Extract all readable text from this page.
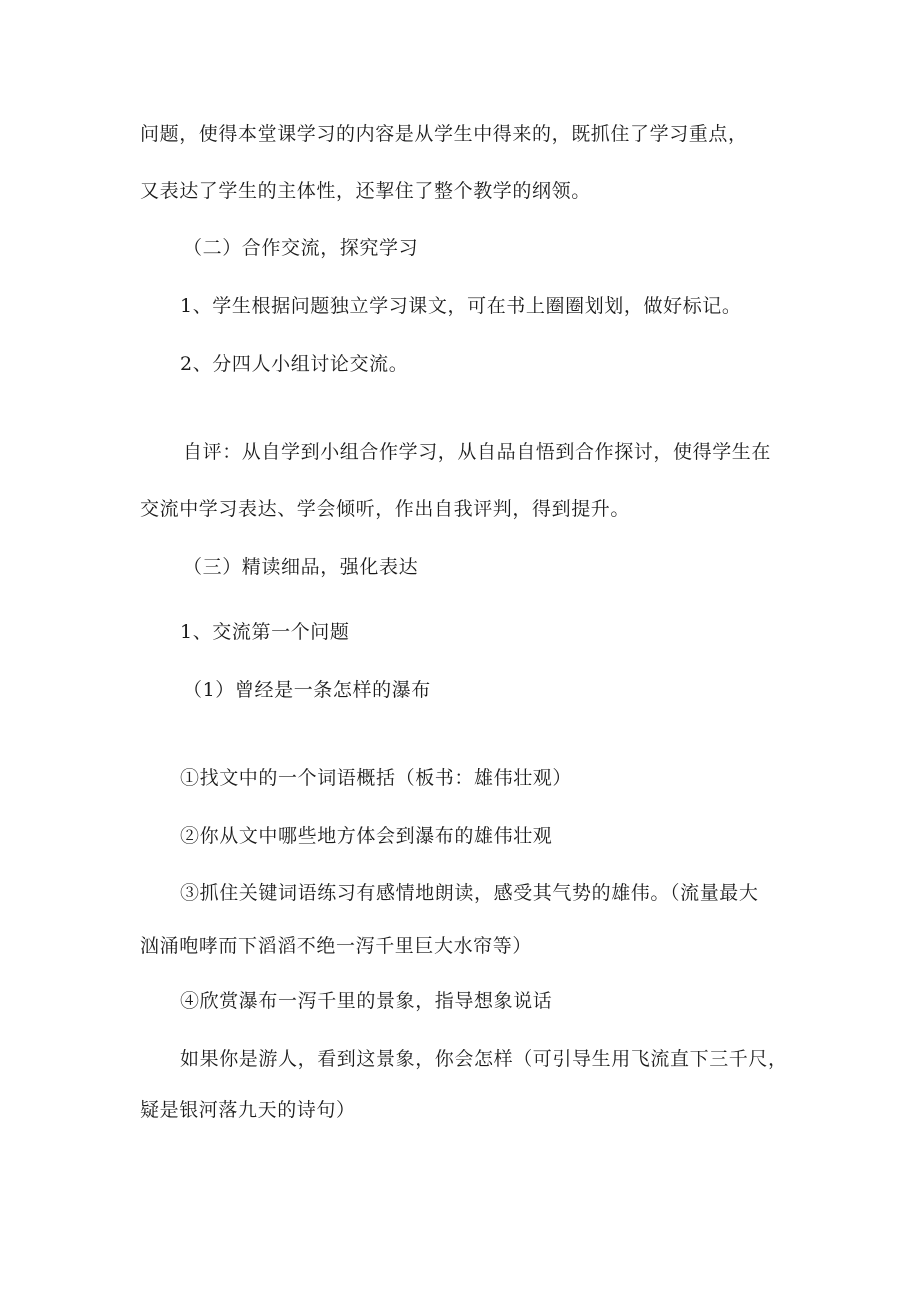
问题，使得本堂课学习的内容是从学生中得来的，既抓住了学习重点，
又表达了学生的主体性，还挈住了整个教学的纲领。
（二）合作交流，探究学习
1、学生根据问题独立学习课文，可在书上圈圈划划，做好标记。
2、分四人小组讨论交流。
自评：从自学到小组合作学习，从自品自悟到合作探讨，使得学生在
交流中学习表达、学会倾听，作出自我评判，得到提升。
（三）精读细品，强化表达
1、交流第一个问题
（1）曾经是一条怎样的瀑布
①找文中的一个词语概括（板书：雄伟壮观）
②你从文中哪些地方体会到瀑布的雄伟壮观
③抓住关键词语练习有感情地朗读，感受其气势的雄伟。（流量最大
汹涌咆哮而下滔滔不绝一泻千里巨大水帘等）
④欣赏瀑布一泻千里的景象，指导想象说话
如果你是游人，看到这景象，你会怎样（可引导生用飞流直下三千尺，
疑是银河落九天的诗句）
